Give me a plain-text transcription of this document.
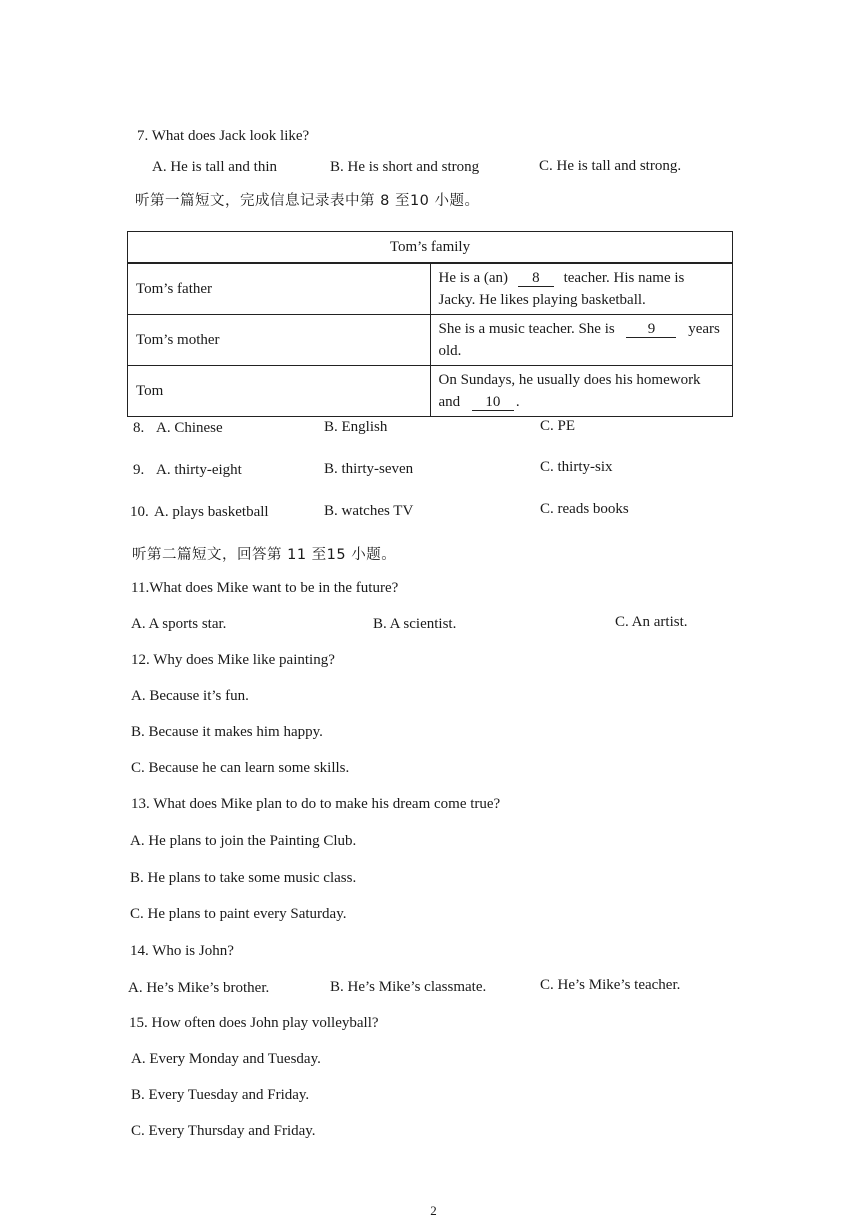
7. What does Jack look like?
A. He is tall and thin	B. He is short and strong	C. He is tall and strong.
听第一篇短文，完成信息记录表中第 8 至10 小题。
Tom’s family	
Tom’s father	He is a (an) 8 teacher. His name is Jacky. He likes playing basketball.
Tom’s mother	She is a music teacher. She is 9 years old.
Tom	On Sundays, he usually does his homework and 10 .
8. A. Chinese	B. English	C. PE
9. A. thirty-eight	B. thirty-seven	C. thirty-six
10. A. plays basketball	B. watches TV	C. reads books
听第二篇短文，回答第 11 至15 小题。
11.What does Mike want to be in the future?
A. A sports star.	B. A scientist.	C. An artist.
12. Why does Mike like painting?
A. Because it’s fun.
B. Because it makes him happy.
C. Because he can learn some skills.
13. What does Mike plan to do to make his dream come true?
A. He plans to join the Painting Club.
B. He plans to take some music class.
C. He plans to paint every Saturday.
14. Who is John?
A. He’s Mike’s brother.	B. He’s Mike’s classmate.	C. He’s Mike’s teacher.
15. How often does John play volleyball?
A. Every Monday and Tuesday.
B. Every Tuesday and Friday.
C. Every Thursday and Friday.
2
